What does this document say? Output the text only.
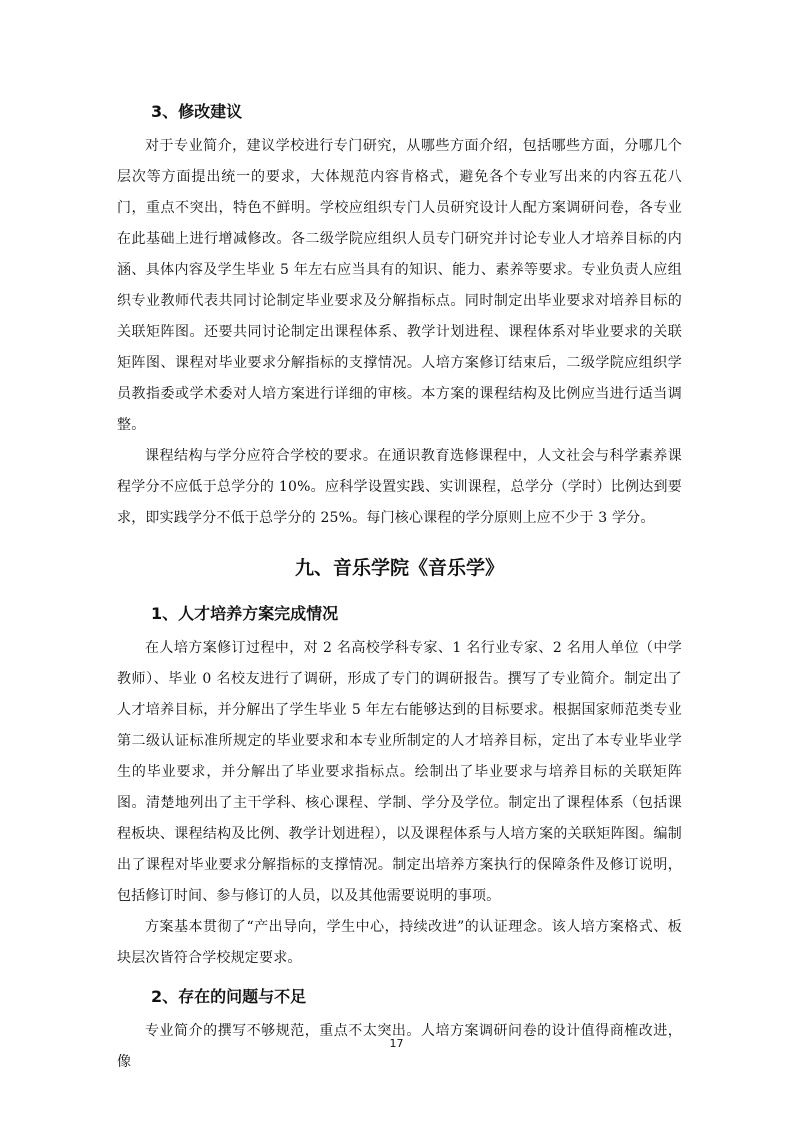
3、修改建议

对于专业简介，建议学校进行专门研究，从哪些方面介绍，包括哪些方面，分哪几个层次等方面提出统一的要求，大体规范内容肯格式，避免各个专业写出来的内容五花八门，重点不突出，特色不鲜明。学校应组织专门人员研究设计人配方案调研问卷，各专业在此基础上进行增减修改。各二级学院应组织人员专门研究并讨论专业人才培养目标的内涵、具体内容及学生毕业 5 年左右应当具有的知识、能力、素养等要求。专业负责人应组织专业教师代表共同讨论制定毕业要求及分解指标点。同时制定出毕业要求对培养目标的关联矩阵图。还要共同讨论制定出课程体系、教学计划进程、课程体系对毕业要求的关联矩阵图、课程对毕业要求分解指标的支撑情况。人培方案修订结束后，二级学院应组织学员教指委或学术委对人培方案进行详细的审核。本方案的课程结构及比例应当进行适当调整。

课程结构与学分应符合学校的要求。在通识教育选修课程中，人文社会与科学素养课程学分不应低于总学分的 10%。应科学设置实践、实训课程，总学分（学时）比例达到要求，即实践学分不低于总学分的 25%。每门核心课程的学分原则上应不少于 3 学分。

九、音乐学院《音乐学》
1、人才培养方案完成情况

在人培方案修订过程中，对 2 名高校学科专家、1 名行业专家、2 名用人单位（中学教师）、毕业 0 名校友进行了调研，形成了专门的调研报告。撰写了专业简介。制定出了人才培养目标，并分解出了学生毕业 5 年左右能够达到的目标要求。根据国家师范类专业第二级认证标准所规定的毕业要求和本专业所制定的人才培养目标，定出了本专业毕业学生的毕业要求，并分解出了毕业要求指标点。绘制出了毕业要求与培养目标的关联矩阵图。清楚地列出了主干学科、核心课程、学制、学分及学位。制定出了课程体系（包括课程板块、课程结构及比例、教学计划进程），以及课程体系与人培方案的关联矩阵图。编制出了课程对毕业要求分解指标的支撑情况。制定出培养方案执行的保障条件及修订说明，包括修订时间、参与修订的人员，以及其他需要说明的事项。

方案基本贯彻了“产出导向，学生中心，持续改进”的认证理念。该人培方案格式、板块层次皆符合学校规定要求。

2、存在的问题与不足

专业简介的撰写不够规范，重点不太突出。人培方案调研问卷的设计值得商榷改进，像

17
